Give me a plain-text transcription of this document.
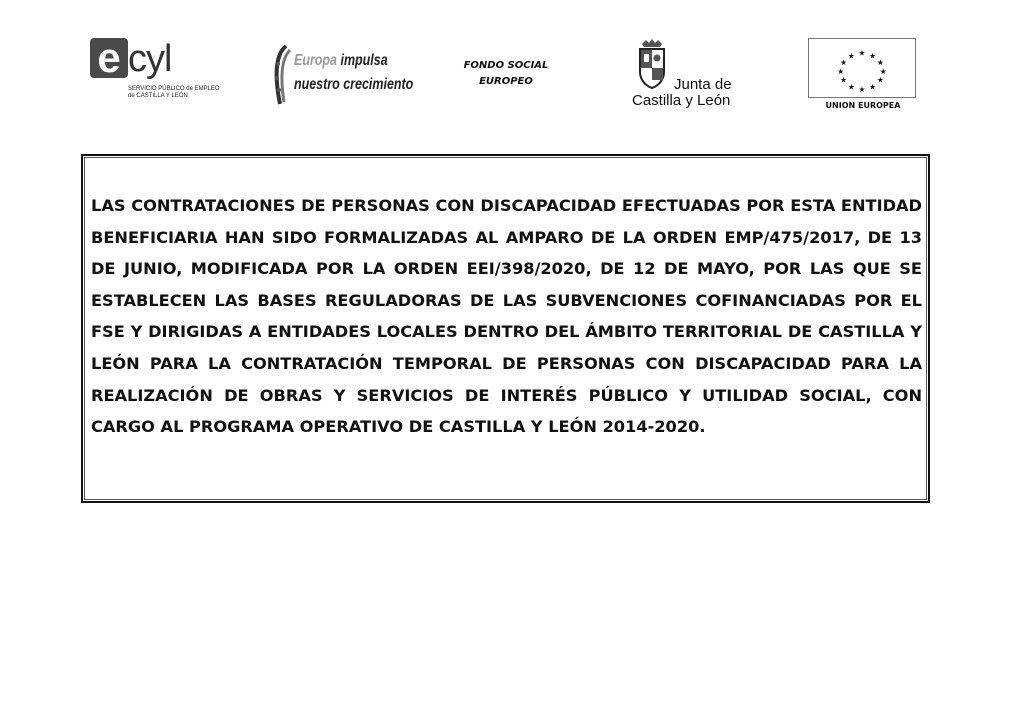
e cyl
SERVICIO PÚBLICO de EMPLEO
de CASTILLA Y LEÓN
Europa impulsa
nuestro crecimiento
FONDO SOCIAL
EUROPEO	Junta de
Castilla y León
★ ★
★
★
★
★
★
★
★
★
★
★
UNION EUROPEA

LAS CONTRATACIONES DE PERSONAS CON DISCAPACIDAD EFECTUADAS POR ESTA ENTIDAD BENEFICIARIA HAN SIDO FORMALIZADAS AL AMPARO DE LA ORDEN EMP/475/2017, DE 13 DE JUNIO, MODIFICADA POR LA ORDEN EEI/398/2020, DE 12 DE MAYO, POR LAS QUE SE ESTABLECEN LAS BASES REGULADORAS DE LAS SUBVENCIONES COFINANCIADAS POR EL FSE Y DIRIGIDAS A ENTIDADES LOCALES DENTRO DEL ÁMBITO TERRITORIAL DE CASTILLA Y LEÓN PARA LA CONTRATACIÓN TEMPORAL DE PERSONAS CON DISCAPACIDAD PARA LA REALIZACIÓN DE OBRAS Y SERVICIOS DE INTERÉS PÚBLICO Y UTILIDAD SOCIAL, CON CARGO AL PROGRAMA OPERATIVO DE CASTILLA Y LEÓN 2014-2020.
